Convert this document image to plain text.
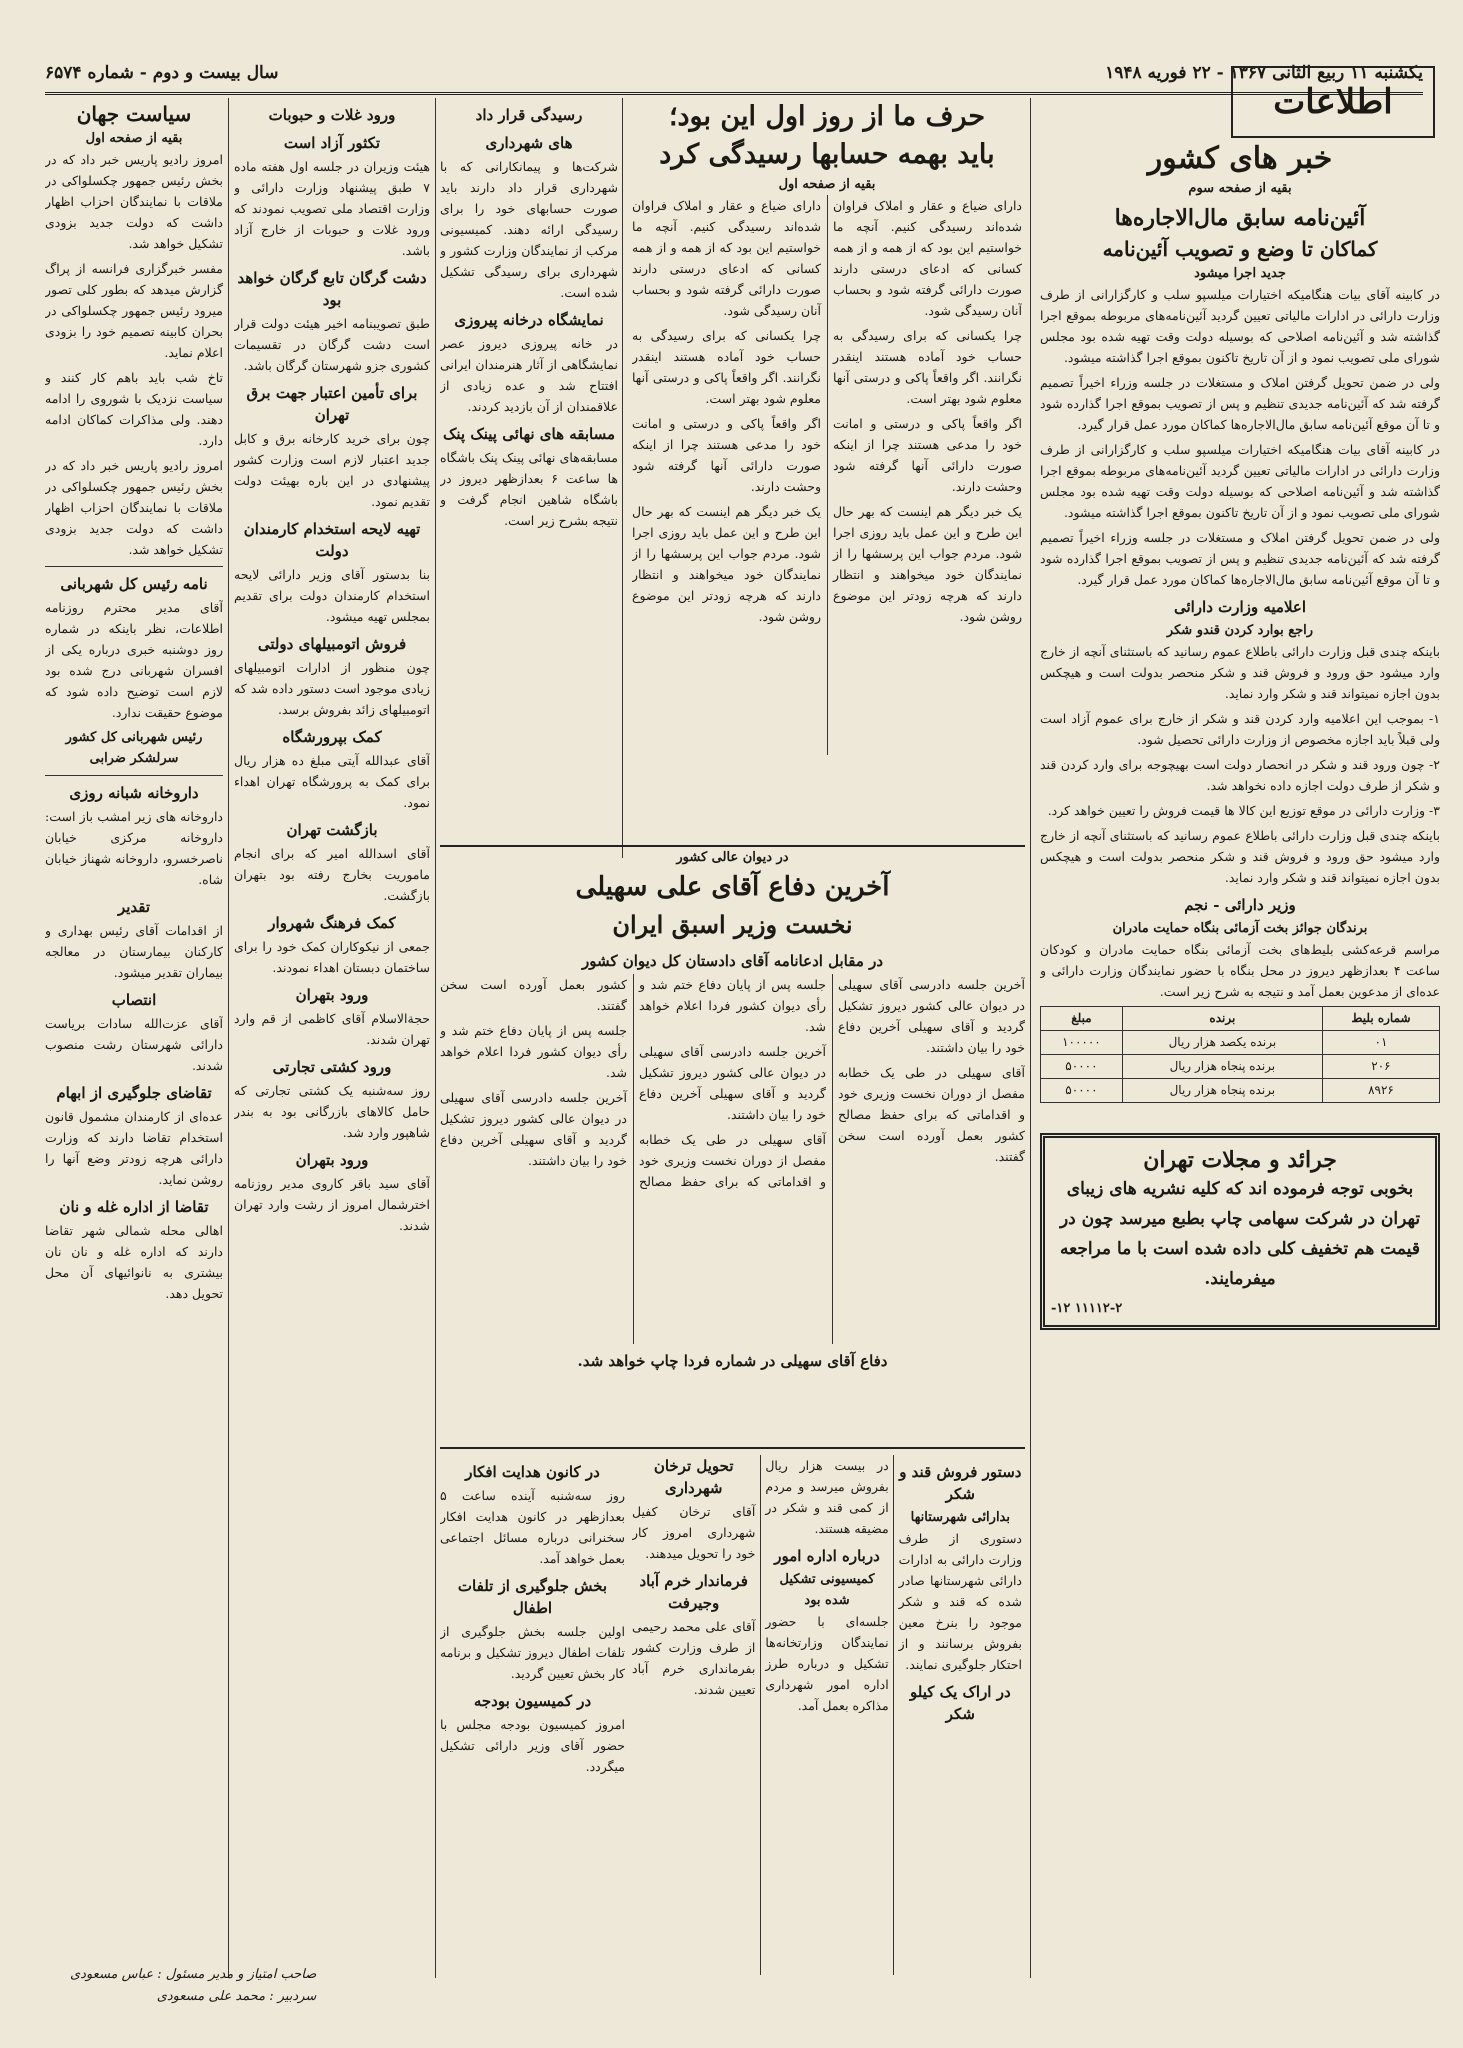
یکشنبه ۱۱ ربیع الثانی ۱۳۶۷ - ۲۲ فوریه ۱۹۴۸
سال بیست و دوم - شماره ۶۵۷۴
اطلاعات
خبر های کشور
بقیه از صفحه سوم
آئین‌نامه سابق مال‌الاجاره‌ها
کماکان تا وضع و تصویب آئین‌نامه
جدید اجرا میشود

در کابینه آقای بیات هنگامیکه اختیارات میلسپو سلب و کارگزارانی از طرف وزارت دارائی در ادارات مالیاتی تعیین گردید آئین‌نامه‌های مربوطه بموقع اجرا گذاشته شد و آئین‌نامه اصلاحی که بوسیله دولت وقت تهیه شده بود مجلس شورای ملی تصویب نمود و از آن تاریخ تاکنون بموقع اجرا گذاشته میشود.

ولی در ضمن تحویل گرفتن املاک و مستغلات در جلسه وزراء اخیراً تصمیم گرفته شد که آئین‌نامه جدیدی تنظیم و پس از تصویب بموقع اجرا گذارده شود و تا آن موقع آئین‌نامه سابق مال‌الاجاره‌ها کماکان مورد عمل قرار گیرد.

در کابینه آقای بیات هنگامیکه اختیارات میلسپو سلب و کارگزارانی از طرف وزارت دارائی در ادارات مالیاتی تعیین گردید آئین‌نامه‌های مربوطه بموقع اجرا گذاشته شد و آئین‌نامه اصلاحی که بوسیله دولت وقت تهیه شده بود مجلس شورای ملی تصویب نمود و از آن تاریخ تاکنون بموقع اجرا گذاشته میشود.

ولی در ضمن تحویل گرفتن املاک و مستغلات در جلسه وزراء اخیراً تصمیم گرفته شد که آئین‌نامه جدیدی تنظیم و پس از تصویب بموقع اجرا گذارده شود و تا آن موقع آئین‌نامه سابق مال‌الاجاره‌ها کماکان مورد عمل قرار گیرد.

اعلامیه وزارت دارائی
راجع بوارد کردن قندو شکر

باینکه چندی قبل وزارت دارائی باطلاع عموم رسانید که باستثنای آنچه از خارج وارد میشود حق ورود و فروش قند و شکر منحصر بدولت است و هیچکس بدون اجازه نمیتواند قند و شکر وارد نماید.

۱- بموجب این اعلامیه وارد کردن قند و شکر از خارج برای عموم آزاد است ولی قبلاً باید اجازه مخصوص از وزارت دارائی تحصیل شود.

۲- چون ورود قند و شکر در انحصار دولت است بهیچوجه برای وارد کردن قند و شکر از طرف دولت اجازه داده نخواهد شد.

۳- وزارت دارائی در موقع توزیع این کالا ها قیمت فروش را تعیین خواهد کرد.

باینکه چندی قبل وزارت دارائی باطلاع عموم رسانید که باستثنای آنچه از خارج وارد میشود حق ورود و فروش قند و شکر منحصر بدولت است و هیچکس بدون اجازه نمیتواند قند و شکر وارد نماید.

وزیر دارائی - نجم
برندگان جوائز بخت آزمائی بنگاه حمایت مادران

مراسم قرعه‌کشی بلیط‌های بخت آزمائی بنگاه حمایت مادران و کودکان ساعت ۴ بعدازظهر دیروز در محل بنگاه با حضور نمایندگان وزارت دارائی و عده‌ای از مدعوین بعمل آمد و نتیجه به شرح زیر است.

شماره بلیط	برنده	مبلغ
۰۱	برنده یکصد هزار ریال	۱۰۰۰۰۰
۲۰۶	برنده پنجاه هزار ریال	۵۰۰۰۰
۸۹۲۶	برنده پنجاه هزار ریال	۵۰۰۰۰
جرائد و مجلات تهران

بخوبی توجه فرموده اند که کلیه نشریه های زیبای تهران در شرکت سهامی چاپ بطبع میرسد چون در قیمت هم تخفیف کلی داده شده است با ما مراجعه میفرمایند.

۱۱۱۱۲-۲ ۱۲-
حرف ما از روز اول این بود؛
باید بهمه حسابها رسیدگی کرد
بقیه از صفحه اول

دارای ضیاع و عقار و املاک فراوان شده‌اند رسیدگی کنیم. آنچه ما خواستیم این بود که از همه و از همه کسانی که ادعای درستی دارند صورت دارائی گرفته شود و بحساب آنان رسیدگی شود.

چرا یکسانی که برای رسیدگی به حساب خود آماده هستند اینقدر نگرانند. اگر واقعاً پاکی و درستی آنها معلوم شود بهتر است.

اگر واقعاً پاکی و درستی و امانت خود را مدعی هستند چرا از اینکه صورت دارائی آنها گرفته شود وحشت دارند.

یک خبر دیگر هم اینست که بهر حال این طرح و این عمل باید روزی اجرا شود. مردم جواب این پرسشها را از نمایندگان خود میخواهند و انتظار دارند که هرچه زودتر این موضوع روشن شود.

دارای ضیاع و عقار و املاک فراوان شده‌اند رسیدگی کنیم. آنچه ما خواستیم این بود که از همه و از همه کسانی که ادعای درستی دارند صورت دارائی گرفته شود و بحساب آنان رسیدگی شود.

چرا یکسانی که برای رسیدگی به حساب خود آماده هستند اینقدر نگرانند. اگر واقعاً پاکی و درستی آنها معلوم شود بهتر است.

اگر واقعاً پاکی و درستی و امانت خود را مدعی هستند چرا از اینکه صورت دارائی آنها گرفته شود وحشت دارند.

یک خبر دیگر هم اینست که بهر حال این طرح و این عمل باید روزی اجرا شود. مردم جواب این پرسشها را از نمایندگان خود میخواهند و انتظار دارند که هرچه زودتر این موضوع روشن شود.

در دیوان عالی کشور
آخرین دفاع آقای علی سهیلی
نخست وزیر اسبق ایران
در مقابل ادعانامه آقای دادستان کل دیوان کشور

آخرین جلسه دادرسی آقای سهیلی در دیوان عالی کشور دیروز تشکیل گردید و آقای سهیلی آخرین دفاع خود را بیان داشتند.

آقای سهیلی در طی یک خطابه مفصل از دوران نخست وزیری خود و اقداماتی که برای حفظ مصالح کشور بعمل آورده است سخن گفتند.

جلسه پس از پایان دفاع ختم شد و رأی دیوان کشور فردا اعلام خواهد شد.

آخرین جلسه دادرسی آقای سهیلی در دیوان عالی کشور دیروز تشکیل گردید و آقای سهیلی آخرین دفاع خود را بیان داشتند.

آقای سهیلی در طی یک خطابه مفصل از دوران نخست وزیری خود و اقداماتی که برای حفظ مصالح کشور بعمل آورده است سخن گفتند.

جلسه پس از پایان دفاع ختم شد و رأی دیوان کشور فردا اعلام خواهد شد.

آخرین جلسه دادرسی آقای سهیلی در دیوان عالی کشور دیروز تشکیل گردید و آقای سهیلی آخرین دفاع خود را بیان داشتند.

دفاع آقای سهیلی در شماره فردا چاپ خواهد شد.
دستور فروش قند و شکر
بدارائی شهرستانها

دستوری از طرف وزارت دارائی به ادارات دارائی شهرستانها صادر شده که قند و شکر موجود را بنرخ معین بفروش برسانند و از احتکار جلوگیری نمایند.

در اراک یک کیلو شکر

در بیست هزار ریال بفروش میرسد و مردم از کمی قند و شکر در مضیقه هستند.

درباره اداره امور
کمیسیونی تشکیل شده بود

جلسه‌ای با حضور نمایندگان وزارتخانه‌ها تشکیل و درباره طرز اداره امور شهرداری مذاکره بعمل آمد.

تحویل ترخان شهرداری

آقای ترخان کفیل شهرداری امروز کار خود را تحویل میدهند.

فرماندار خرم آباد وجیرفت

آقای علی محمد رحیمی از طرف وزارت کشور بفرمانداری خرم آباد تعیین شدند.

رسیدگی قرار داد
های شهرداری

شرکت‌ها و پیمانکارانی که با شهرداری قرار داد دارند باید صورت حسابهای خود را برای رسیدگی ارائه دهند. کمیسیونی مرکب از نمایندگان وزارت کشور و شهرداری برای رسیدگی تشکیل شده است.

نمایشگاه درخانه پیروزی

در خانه پیروزی دیروز عصر نمایشگاهی از آثار هنرمندان ایرانی افتتاح شد و عده زیادی از علاقمندان از آن بازدید کردند.

مسابقه های نهائی پینک پنک

مسابقه‌های نهائی پینک پنک باشگاه ها ساعت ۶ بعدازظهر دیروز در باشگاه شاهین انجام گرفت و نتیجه بشرح زیر است.

در کانون هدایت افکار

روز سه‌شنبه آینده ساعت ۵ بعدازظهر در کانون هدایت افکار سخنرانی درباره مسائل اجتماعی بعمل خواهد آمد.

بخش جلوگیری از تلفات اطفال

اولین جلسه بخش جلوگیری از تلفات اطفال دیروز تشکیل و برنامه کار بخش تعیین گردید.

در کمیسیون بودجه

امروز کمیسیون بودجه مجلس با حضور آقای وزیر دارائی تشکیل میگردد.

ورود غلات و حبوبات
تکثور آزاد است

هیئت وزیران در جلسه اول هفته ماده ۷ طبق پیشنهاد وزارت دارائی و وزارت اقتصاد ملی تصویب نمودند که ورود غلات و حبوبات از خارج آزاد باشد.

دشت گرگان تابع گرگان خواهد بود

طبق تصویبنامه اخیر هیئت دولت قرار است دشت گرگان در تقسیمات کشوری جزو شهرستان گرگان باشد.

برای تأمین اعتبار جهت برق تهران

چون برای خرید کارخانه برق و کابل جدید اعتبار لازم است وزارت کشور پیشنهادی در این باره بهیئت دولت تقدیم نمود.

تهیه لایحه استخدام کارمندان دولت

بنا بدستور آقای وزیر دارائی لایحه استخدام کارمندان دولت برای تقدیم بمجلس تهیه میشود.

فروش اتومبیلهای دولتی

چون منظور از ادارات اتومبیلهای زیادی موجود است دستور داده شد که اتومبیلهای زائد بفروش برسد.

کمک بپرورشگاه

آقای عبدالله آیتی مبلغ ده هزار ریال برای کمک به پرورشگاه تهران اهداء نمود.

بازگشت تهران

آقای اسدالله امیر که برای انجام ماموریت بخارج رفته بود بتهران بازگشت.

کمک فرهنگ شهروار

جمعی از نیکوکاران کمک خود را برای ساختمان دبستان اهداء نمودند.

ورود بتهران

حجة‌الاسلام آقای کاظمی از قم وارد تهران شدند.

ورود کشتی تجارتی

روز سه‌شنبه یک کشتی تجارتی که حامل کالاهای بازرگانی بود به بندر شاهپور وارد شد.

ورود بتهران

آقای سید باقر کاروی مدیر روزنامه اخترشمال امروز از رشت وارد تهران شدند.

سیاست جهان
بقیه از صفحه اول

امروز رادیو پاریس خبر داد که در بخش رئیس جمهور چکسلواکی در ملاقات با نمایندگان احزاب اظهار داشت که دولت جدید بزودی تشکیل خواهد شد.

مفسر خبرگزاری فرانسه از پراگ گزارش میدهد که بطور کلی تصور میرود رئیس جمهور چکسلواکی در بحران کابینه تصمیم خود را بزودی اعلام نماید.

تاخ شب باید باهم کار کنند و سیاست نزدیک با شوروی را ادامه دهند. ولی مذاکرات کماکان ادامه دارد.

امروز رادیو پاریس خبر داد که در بخش رئیس جمهور چکسلواکی در ملاقات با نمایندگان احزاب اظهار داشت که دولت جدید بزودی تشکیل خواهد شد.

نامه رئیس کل شهربانی

آقای مدیر محترم روزنامه اطلاعات، نظر باینکه در شماره روز دوشنبه خبری درباره یکی از افسران شهربانی درج شده بود لازم است توضیح داده شود که موضوع حقیقت ندارد.

رئیس شهربانی کل کشور
سرلشکر ضرابی
داروخانه شبانه روزی

داروخانه های زیر امشب باز است: داروخانه مرکزی خیابان ناصرخسرو، داروخانه شهناز خیابان شاه.

تقدیر

از اقدامات آقای رئیس بهداری و کارکنان بیمارستان در معالجه بیماران تقدیر میشود.

انتصاب

آقای عزت‌الله سادات بریاست دارائی شهرستان رشت منصوب شدند.

تقاضای جلوگیری از ابهام

عده‌ای از کارمندان مشمول قانون استخدام تقاضا دارند که وزارت دارائی هرچه زودتر وضع آنها را روشن نماید.

تقاضا از اداره غله و نان

اهالی محله شمالی شهر تقاضا دارند که اداره غله و نان نان بیشتری به نانوائیهای آن محل تحویل دهد.

صاحب امتیاز و مدیر مسئول : عباس مسعودی
سردبیر : محمد علی مسعودی
